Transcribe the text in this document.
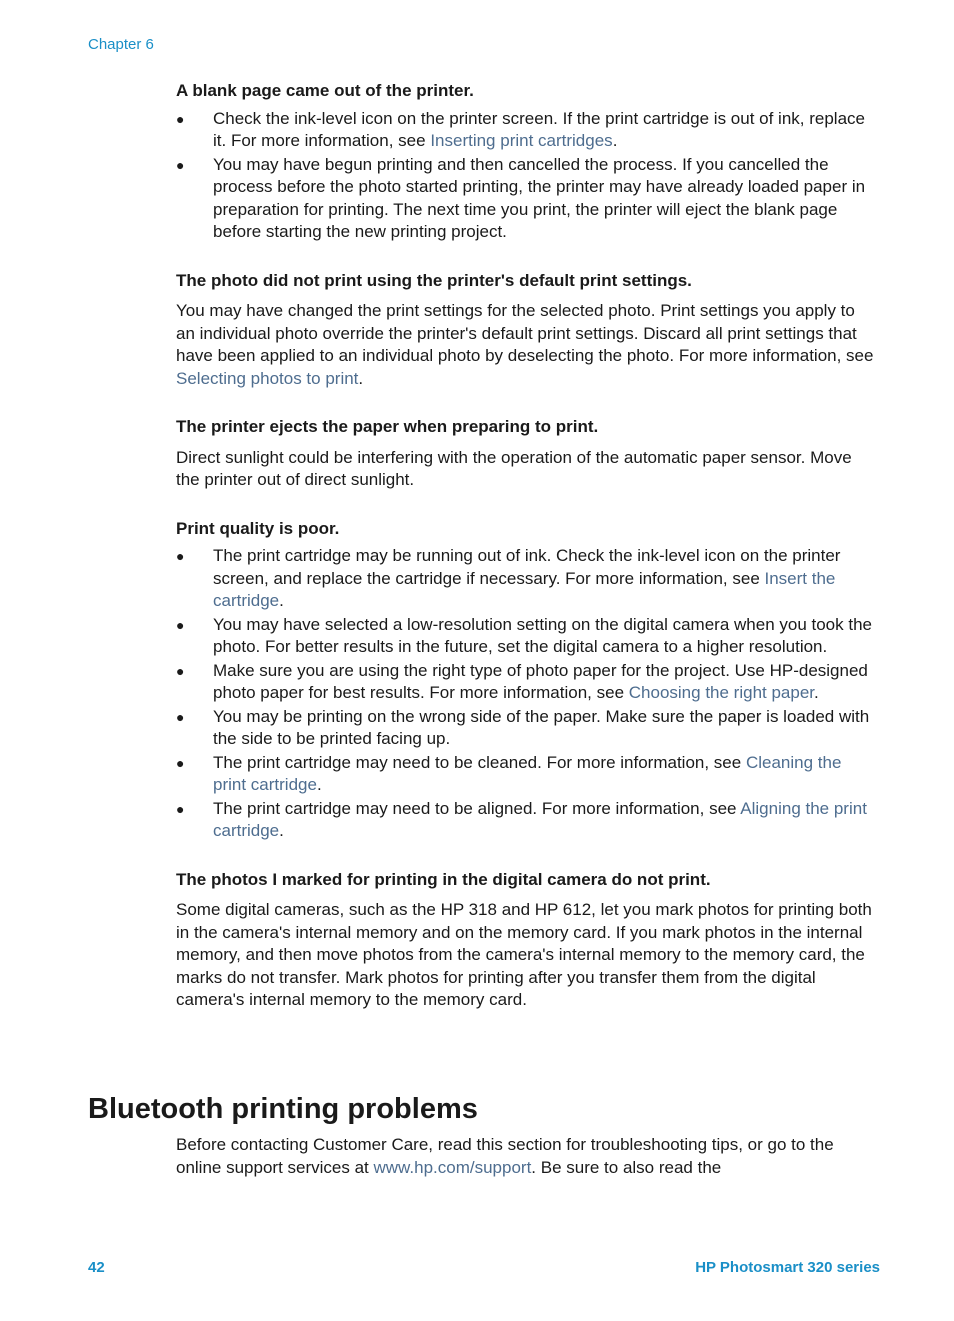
Chapter 6
A blank page came out of the printer.
● Check the ink-level icon on the printer screen. If the print cartridge is out of ink, replace it. For more information, see Inserting print cartridges.
● You may have begun printing and then cancelled the process. If you cancelled the process before the photo started printing, the printer may have already loaded paper in preparation for printing. The next time you print, the printer will eject the blank page before starting the new printing project.
The photo did not print using the printer's default print settings.

You may have changed the print settings for the selected photo. Print settings you apply to an individual photo override the printer's default print settings. Discard all print settings that have been applied to an individual photo by deselecting the photo. For more information, see Selecting photos to print.

The printer ejects the paper when preparing to print.

Direct sunlight could be interfering with the operation of the automatic paper sensor. Move the printer out of direct sunlight.

Print quality is poor.
● The print cartridge may be running out of ink. Check the ink-level icon on the printer screen, and replace the cartridge if necessary. For more information, see Insert the cartridge.
● You may have selected a low-resolution setting on the digital camera when you took the photo. For better results in the future, set the digital camera to a higher resolution.
● Make sure you are using the right type of photo paper for the project. Use HP-designed photo paper for best results. For more information, see Choosing the right paper.
● You may be printing on the wrong side of the paper. Make sure the paper is loaded with the side to be printed facing up.
● The print cartridge may need to be cleaned. For more information, see Cleaning the print cartridge.
● The print cartridge may need to be aligned. For more information, see Aligning the print cartridge.
The photos I marked for printing in the digital camera do not print.

Some digital cameras, such as the HP 318 and HP 612, let you mark photos for printing both in the camera's internal memory and on the memory card. If you mark photos in the internal memory, and then move photos from the camera's internal memory to the memory card, the marks do not transfer. Mark photos for printing after you transfer them from the digital camera's internal memory to the memory card.

Bluetooth printing problems

Before contacting Customer Care, read this section for troubleshooting tips, or go to the online support services at www.hp.com/support. Be sure to also read the

42	HP Photosmart 320 series
